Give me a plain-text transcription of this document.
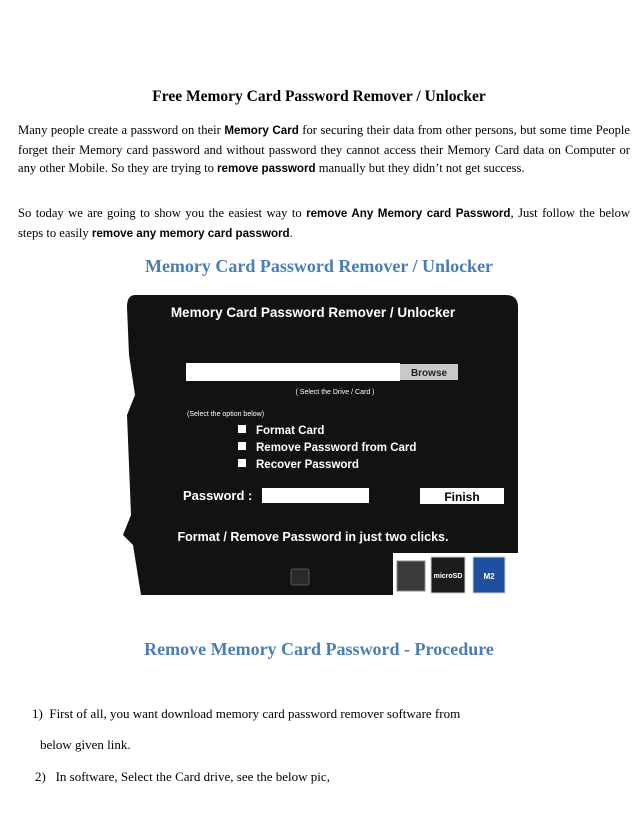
Free Memory Card Password Remover / Unlocker
Many people create a password on their Memory Card for securing their data from other persons, but some time People forget their Memory card password and without password they cannot access their Memory Card data on Computer or any other Mobile. So they are trying to remove password manually but they didn’t not get success.
So today we are going to show you the easiest way to remove Any Memory card Password, Just follow the below steps to easily remove any memory card password.
Memory Card Password Remover / Unlocker
Memory Card Password Remover / Unlocker
Browse
( Select the Drive / Card )
(Select the option below)
Format Card
Remove Password from Card
Recover Password
Password :	Finish
Format / Remove Password in just two clicks.
microSD	M2
Remove Memory Card Password - Procedure
1) First of all, you want download memory card password remover software from
below given link.
2) In software, Select the Card drive, see the below pic,
